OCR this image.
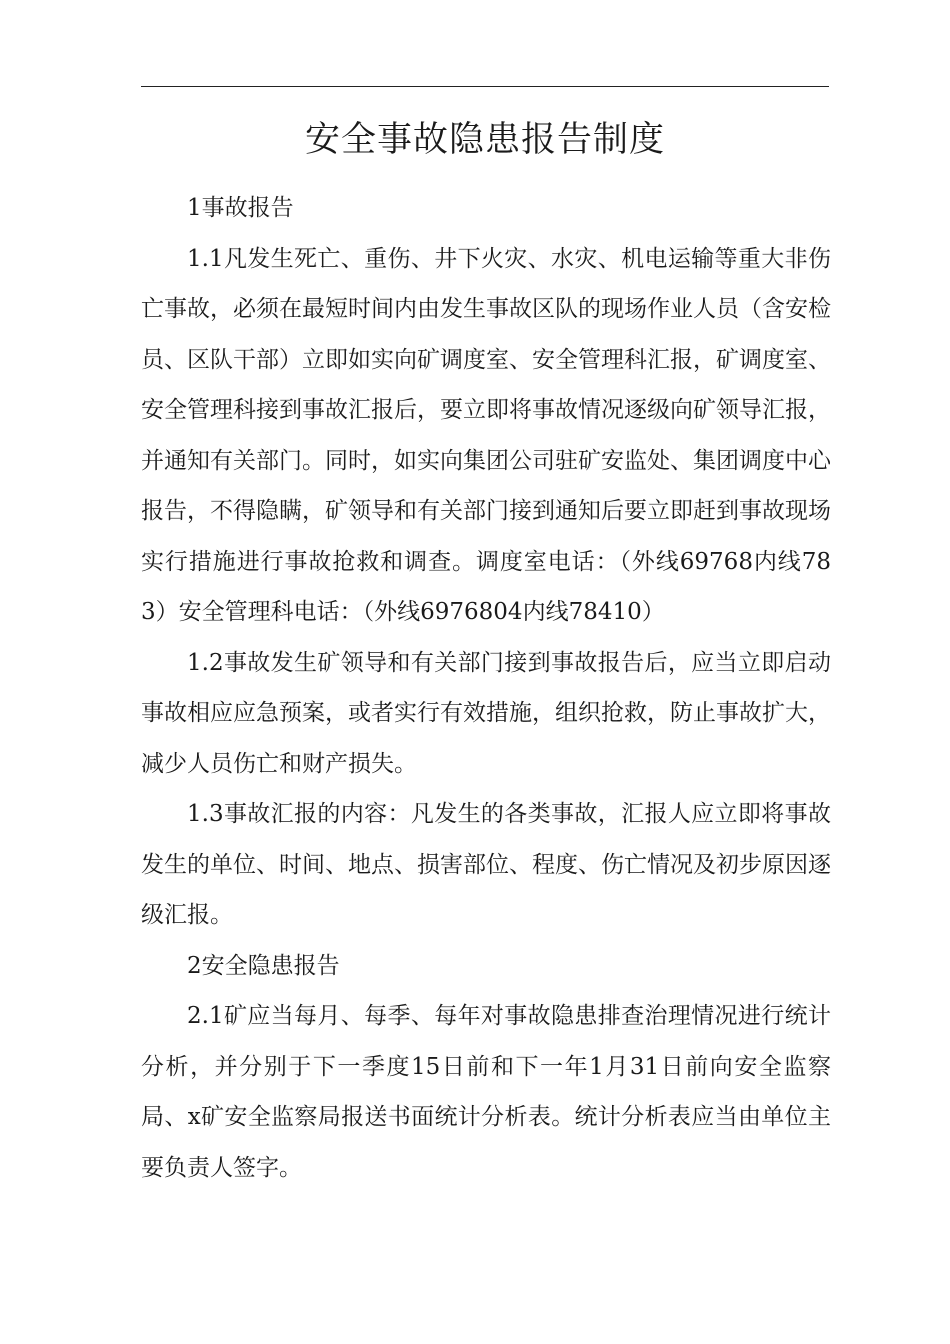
安全事故隐患报告制度

1事故报告

1.1凡发生死亡、重伤、井下火灾、水灾、机电运输等重大非伤亡事故，必须在最短时间内由发生事故区队的现场作业人员（含安检员、区队干部）立即如实向矿调度室、安全管理科汇报，矿调度室、安全管理科接到事故汇报后，要立即将事故情况逐级向矿领导汇报，并通知有关部门。同时，如实向集团公司驻矿安监处、集团调度中心报告，不得隐瞒，矿领导和有关部门接到通知后要立即赶到事故现场实行措施进行事故抢救和调查。调度室电话：（外线69768内线783）安全管理科电话：（外线6976804内线78410）

1.2事故发生矿领导和有关部门接到事故报告后，应当立即启动事故相应应急预案，或者实行有效措施，组织抢救，防止事故扩大，减少人员伤亡和财产损失。

1.3事故汇报的内容：凡发生的各类事故，汇报人应立即将事故发生的单位、时间、地点、损害部位、程度、伤亡情况及初步原因逐级汇报。

2安全隐患报告

2.1矿应当每月、每季、每年对事故隐患排查治理情况进行统计分析，并分别于下一季度15日前和下一年1月31日前向安全监察局、x矿安全监察局报送书面统计分析表。统计分析表应当由单位主要负责人签字。
